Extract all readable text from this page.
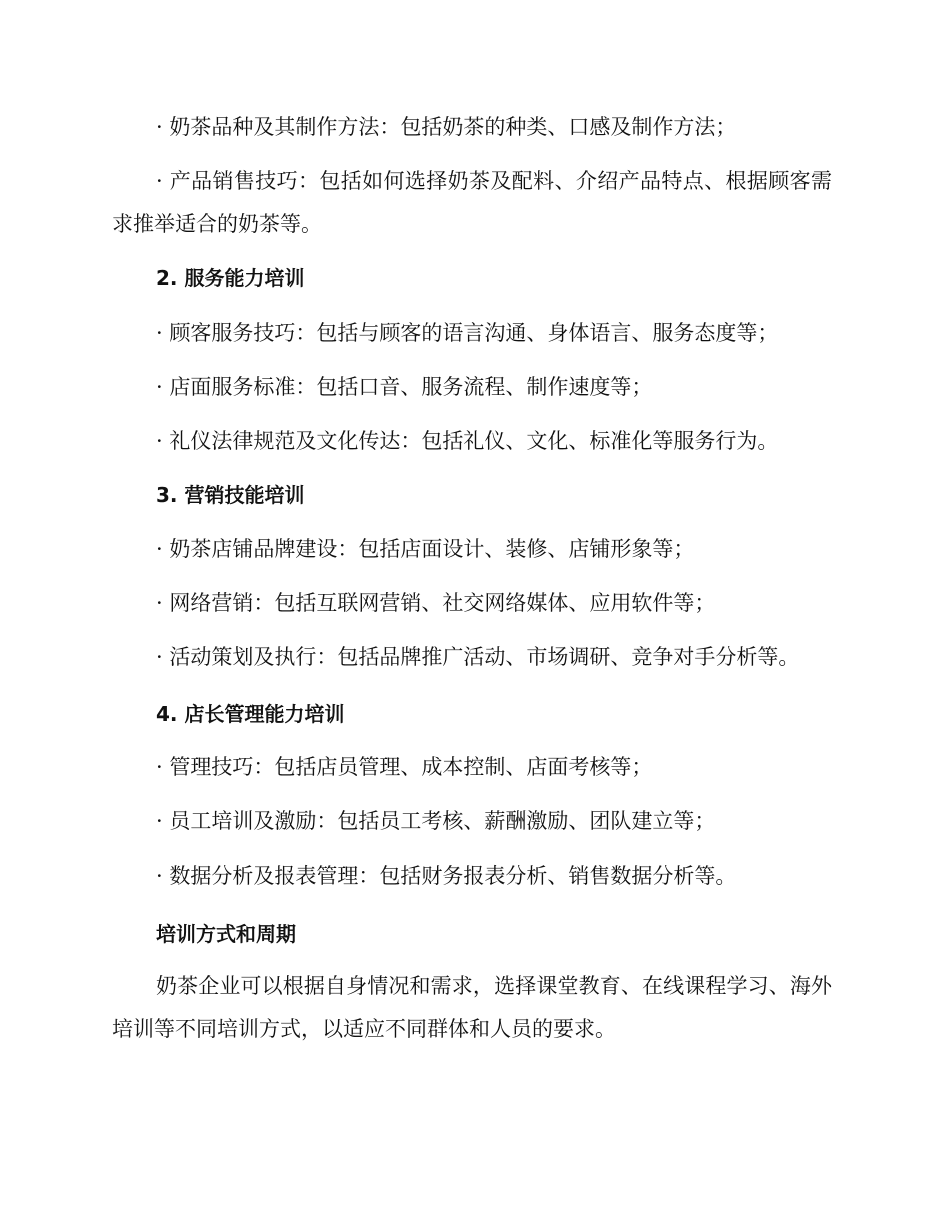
· 奶茶品种及其制作方法：包括奶茶的种类、口感及制作方法；

· 产品销售技巧：包括如何选择奶茶及配料、介绍产品特点、根据顾客需求推举适合的奶茶等。

2. 服务能力培训

· 顾客服务技巧：包括与顾客的语言沟通、身体语言、服务态度等；

· 店面服务标准：包括口音、服务流程、制作速度等；

· 礼仪法律规范及文化传达：包括礼仪、文化、标准化等服务行为。

3. 营销技能培训

· 奶茶店铺品牌建设：包括店面设计、装修、店铺形象等；

· 网络营销：包括互联网营销、社交网络媒体、应用软件等；

· 活动策划及执行：包括品牌推广活动、市场调研、竞争对手分析等。

4. 店长管理能力培训

· 管理技巧：包括店员管理、成本控制、店面考核等；

· 员工培训及激励：包括员工考核、薪酬激励、团队建立等；

· 数据分析及报表管理：包括财务报表分析、销售数据分析等。

培训方式和周期

奶茶企业可以根据自身情况和需求，选择课堂教育、在线课程学习、海外培训等不同培训方式，以适应不同群体和人员的要求。
